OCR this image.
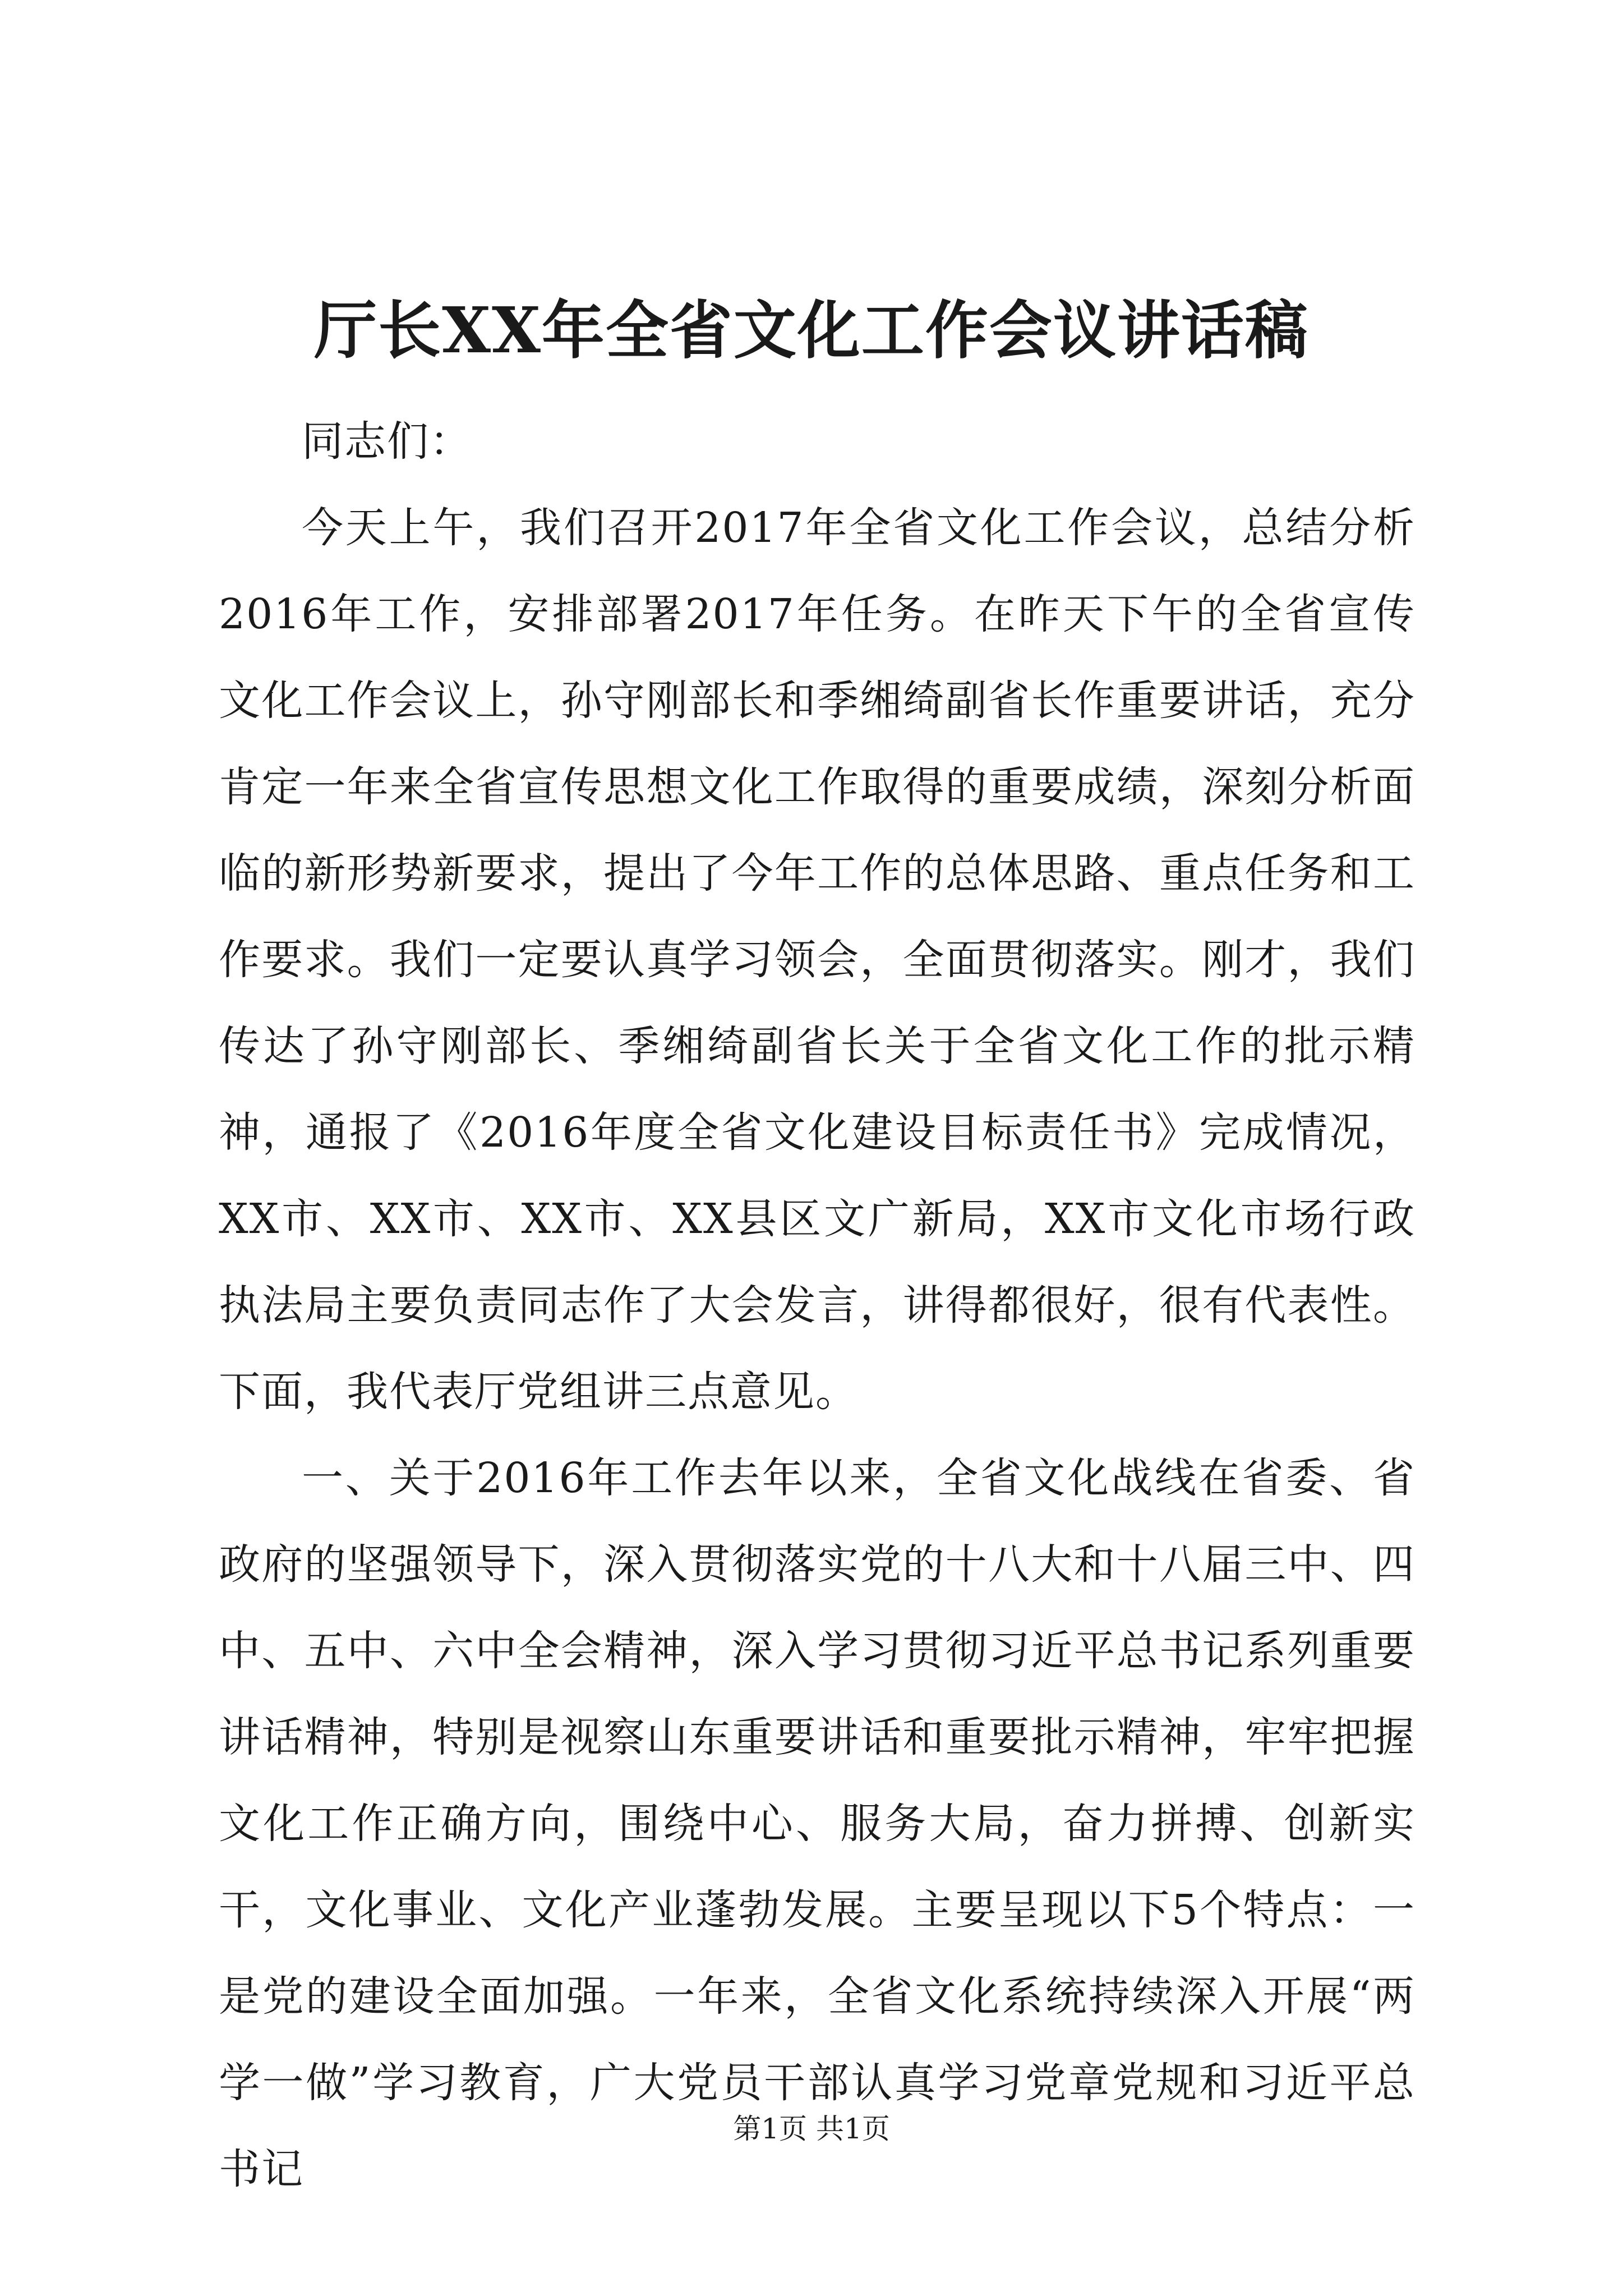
厅长XX年全省文化工作会议讲话稿

同志们：

今天上午，我们召开2017年全省文化工作会议，总结分析2016年工作，安排部署2017年任务。在昨天下午的全省宣传文化工作会议上，孙守刚部长和季缃绮副省长作重要讲话，充分肯定一年来全省宣传思想文化工作取得的重要成绩，深刻分析面临的新形势新要求，提出了今年工作的总体思路、重点任务和工作要求。我们一定要认真学习领会，全面贯彻落实。刚才，我们传达了孙守刚部长、季缃绮副省长关于全省文化工作的批示精神，通报了《2016年度全省文化建设目标责任书》完成情况，XX市、XX市、XX市、XX县区文广新局，XX市文化市场行政执法局主要负责同志作了大会发言，讲得都很好，很有代表性。下面，我代表厅党组讲三点意见。

一、关于2016年工作去年以来，全省文化战线在省委、省政府的坚强领导下，深入贯彻落实党的十八大和十八届三中、四中、五中、六中全会精神，深入学习贯彻习近平总书记系列重要讲话精神，特别是视察山东重要讲话和重要批示精神，牢牢把握文化工作正确方向，围绕中心、服务大局，奋力拼搏、创新实干，文化事业、文化产业蓬勃发展。主要呈现以下5个特点：一是党的建设全面加强。一年来，全省文化系统持续深入开展“两学一做”学习教育，广大党员干部认真学习党章党规和习近平总书记

第1页 共1页
